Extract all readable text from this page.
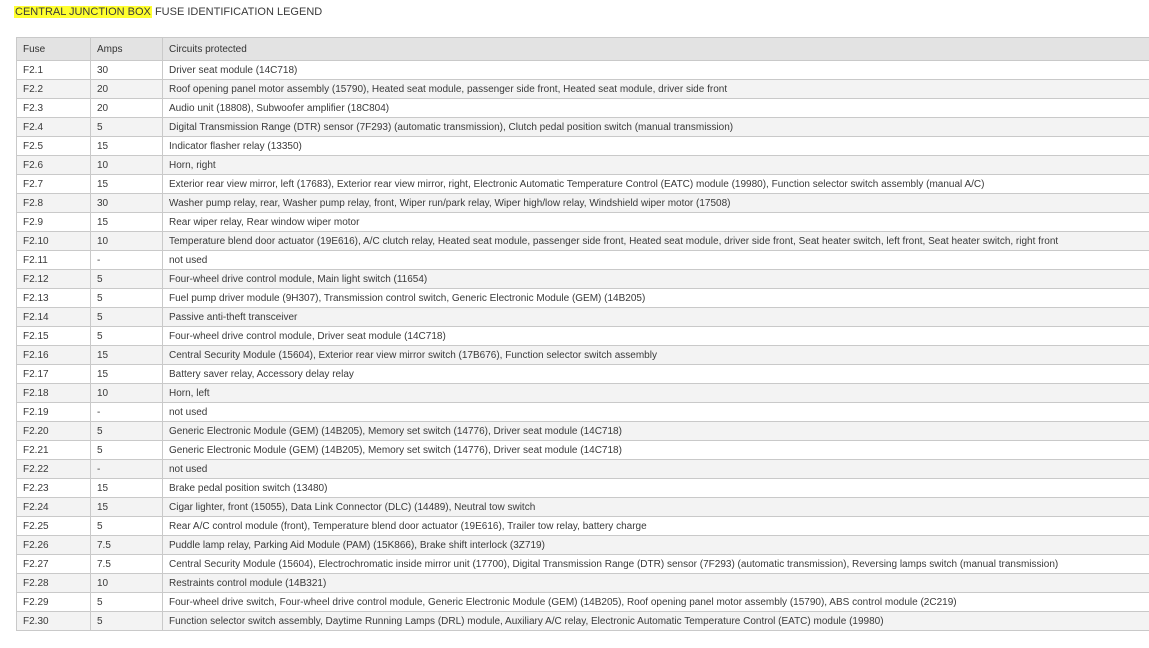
CENTRAL JUNCTION BOX FUSE IDENTIFICATION LEGEND
Fuse	Amps	Circuits protected
F2.1	30	Driver seat module (14C718)
F2.2	20	Roof opening panel motor assembly (15790), Heated seat module, passenger side front, Heated seat module, driver side front
F2.3	20	Audio unit (18808), Subwoofer amplifier (18C804)
F2.4	5	Digital Transmission Range (DTR) sensor (7F293) (automatic transmission), Clutch pedal position switch (manual transmission)
F2.5	15	Indicator flasher relay (13350)
F2.6	10	Horn, right
F2.7	15	Exterior rear view mirror, left (17683), Exterior rear view mirror, right, Electronic Automatic Temperature Control (EATC) module (19980), Function selector switch assembly (manual A/C)
F2.8	30	Washer pump relay, rear, Washer pump relay, front, Wiper run/park relay, Wiper high/low relay, Windshield wiper motor (17508)
F2.9	15	Rear wiper relay, Rear window wiper motor
F2.10	10	Temperature blend door actuator (19E616), A/C clutch relay, Heated seat module, passenger side front, Heated seat module, driver side front, Seat heater switch, left front, Seat heater switch, right front
F2.11	-	not used
F2.12	5	Four-wheel drive control module, Main light switch (11654)
F2.13	5	Fuel pump driver module (9H307), Transmission control switch, Generic Electronic Module (GEM) (14B205)
F2.14	5	Passive anti-theft transceiver
F2.15	5	Four-wheel drive control module, Driver seat module (14C718)
F2.16	15	Central Security Module (15604), Exterior rear view mirror switch (17B676), Function selector switch assembly
F2.17	15	Battery saver relay, Accessory delay relay
F2.18	10	Horn, left
F2.19	-	not used
F2.20	5	Generic Electronic Module (GEM) (14B205), Memory set switch (14776), Driver seat module (14C718)
F2.21	5	Generic Electronic Module (GEM) (14B205), Memory set switch (14776), Driver seat module (14C718)
F2.22	-	not used
F2.23	15	Brake pedal position switch (13480)
F2.24	15	Cigar lighter, front (15055), Data Link Connector (DLC) (14489), Neutral tow switch
F2.25	5	Rear A/C control module (front), Temperature blend door actuator (19E616), Trailer tow relay, battery charge
F2.26	7.5	Puddle lamp relay, Parking Aid Module (PAM) (15K866), Brake shift interlock (3Z719)
F2.27	7.5	Central Security Module (15604), Electrochromatic inside mirror unit (17700), Digital Transmission Range (DTR) sensor (7F293) (automatic transmission), Reversing lamps switch (manual transmission)
F2.28	10	Restraints control module (14B321)
F2.29	5	Four-wheel drive switch, Four-wheel drive control module, Generic Electronic Module (GEM) (14B205), Roof opening panel motor assembly (15790), ABS control module (2C219)
F2.30	5	Function selector switch assembly, Daytime Running Lamps (DRL) module, Auxiliary A/C relay, Electronic Automatic Temperature Control (EATC) module (19980)
